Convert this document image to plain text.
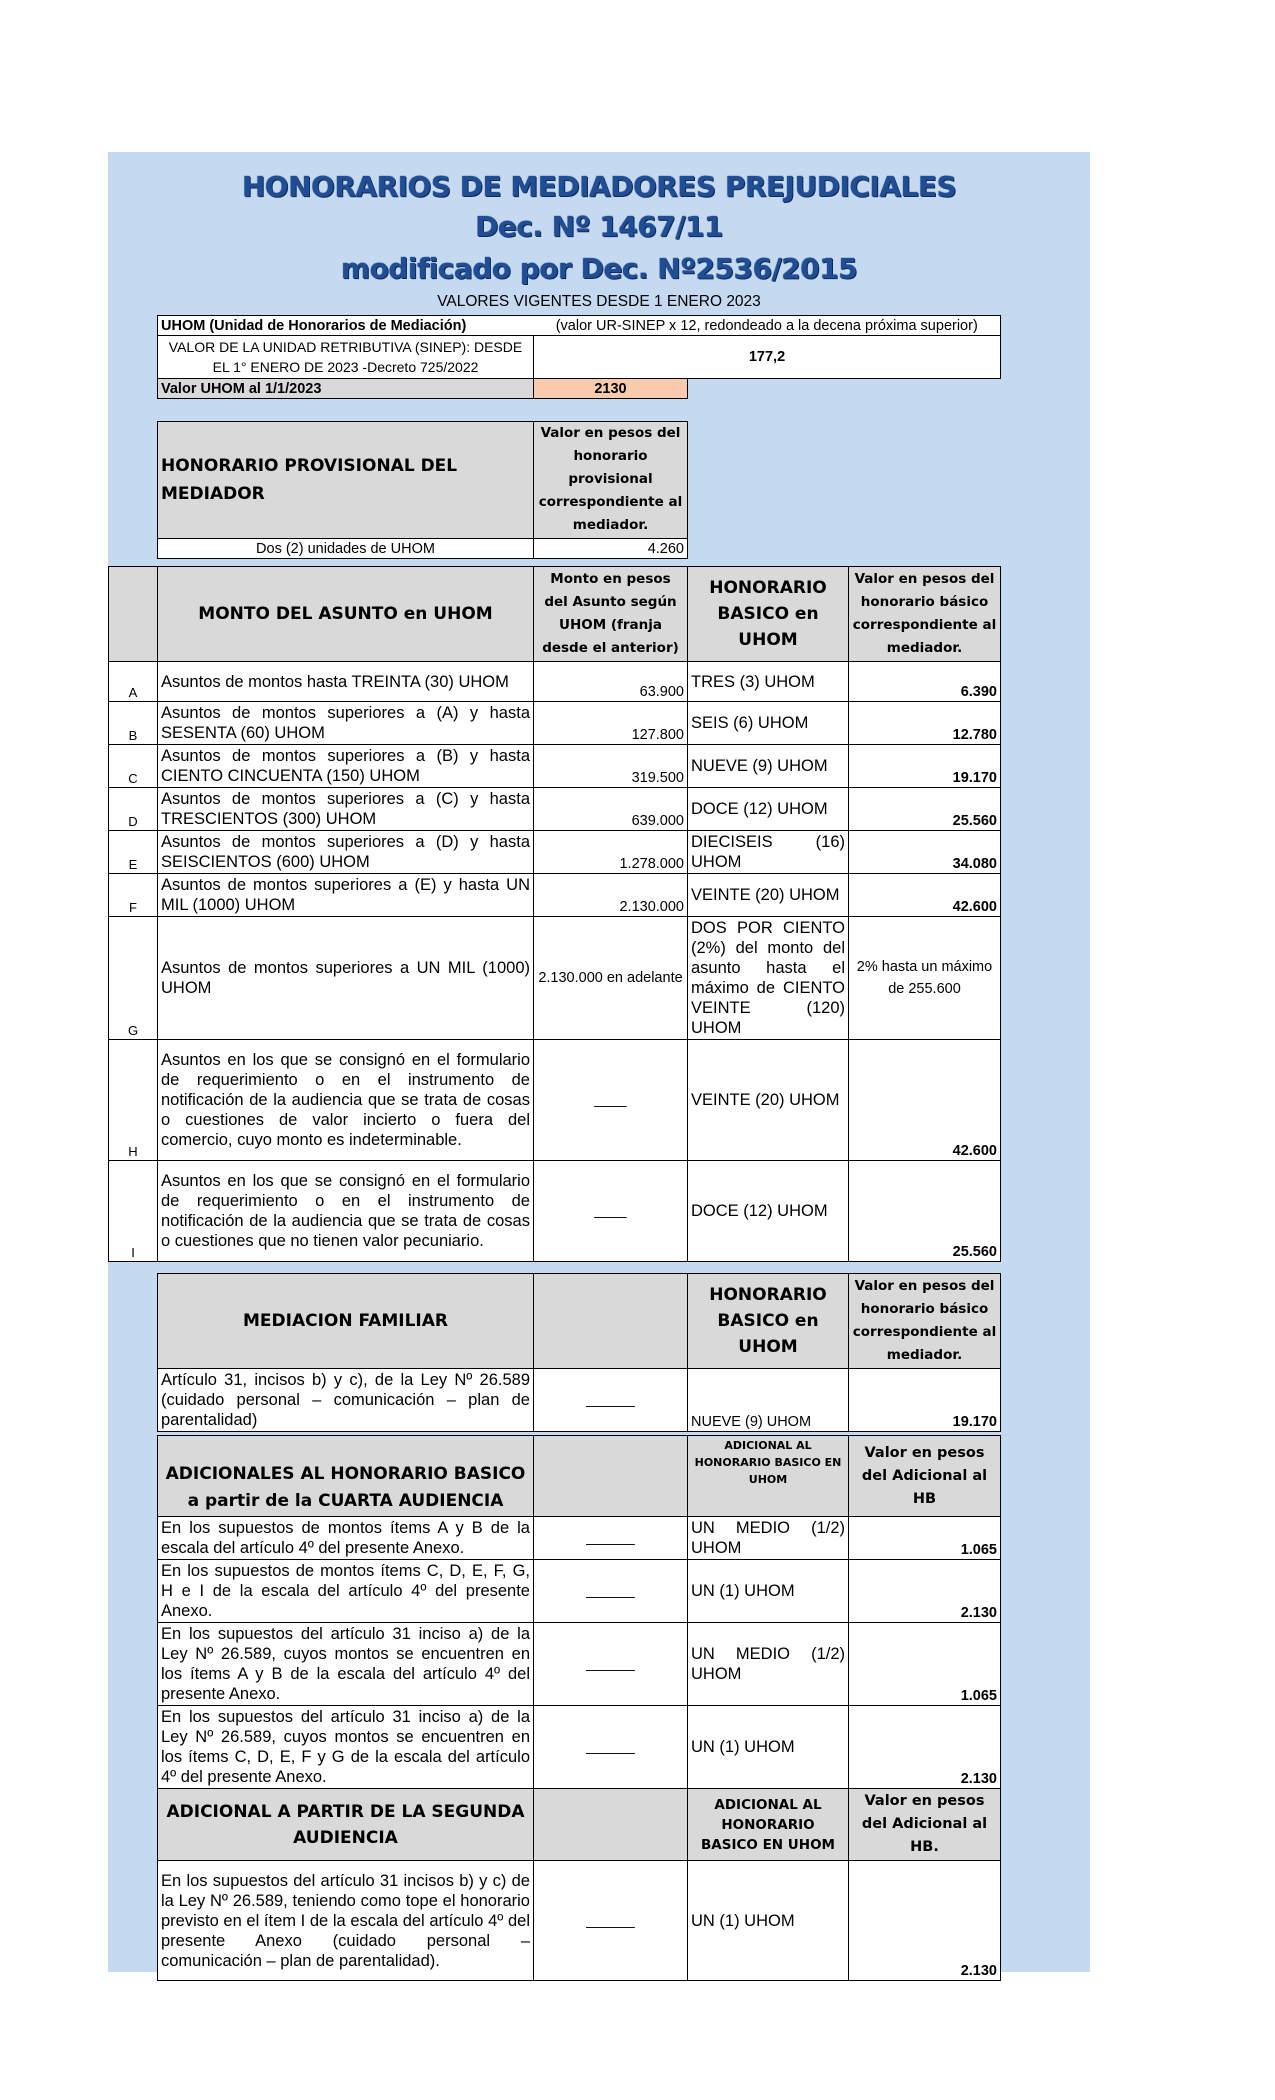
HONORARIOS DE MEDIADORES PREJUDICIALES
Dec. Nº 1467/11
modificado por Dec. Nº2536/2015
VALORES VIGENTES DESDE 1 ENERO 2023
UHOM (Unidad de Honorarios de Mediación)	(valor UR-SINEP x 12, redondeado a la decena próxima superior)	
VALOR DE LA UNIDAD RETRIBUTIVA (SINEP): DESDE EL 1° ENERO DE 2023 -Decreto 725/2022	177,2	
Valor UHOM al 1/1/2023	2130	
HONORARIO PROVISIONAL DEL MEDIADOR	Valor en pesos del honorario provisional correspondiente al mediador.
Dos (2) unidades de UHOM	4.260
	MONTO DEL ASUNTO en UHOM	Monto en pesos del Asunto según UHOM (franja desde el anterior)	HONORARIO BASICO en UHOM	Valor en pesos del honorario básico correspondiente al mediador.
A	Asuntos de montos hasta TREINTA (30) UHOM	63.900	TRES (3) UHOM	6.390
B	Asuntos de montos superiores a (A) y hasta SESENTA (60) UHOM	127.800	SEIS (6) UHOM	12.780
C	Asuntos de montos superiores a (B) y hasta CIENTO CINCUENTA (150) UHOM	319.500	NUEVE (9) UHOM	19.170
D	Asuntos de montos superiores a (C) y hasta TRESCIENTOS (300) UHOM	639.000	DOCE (12) UHOM	25.560
E	Asuntos de montos superiores a (D) y hasta SEISCIENTOS (600) UHOM	1.278.000	DIECISEIS (16) UHOM	34.080
F	Asuntos de montos superiores a (E) y hasta UN MIL (1000) UHOM	2.130.000	VEINTE (20) UHOM	42.600
G	Asuntos de montos superiores a UN MIL (1000) UHOM	2.130.000 en adelante	DOS POR CIENTO (2%) del monto del asunto hasta el máximo de CIENTO VEINTE (120) UHOM	2% hasta un máximo de 255.600
H	Asuntos en los que se consignó en el formulario de requerimiento o en el instrumento de notificación de la audiencia que se trata de cosas o cuestiones de valor incierto o fuera del comercio, cuyo monto es indeterminable.	____	VEINTE (20) UHOM	42.600
I	Asuntos en los que se consignó en el formulario de requerimiento o en el instrumento de notificación de la audiencia que se trata de cosas o cuestiones que no tienen valor pecuniario.	____	DOCE (12) UHOM	25.560
MEDIACION FAMILIAR		HONORARIO BASICO en UHOM	Valor en pesos del honorario básico correspondiente al mediador.
Artículo 31, incisos b) y c), de la Ley Nº 26.589 (cuidado personal – comunicación – plan de parentalidad)	______	NUEVE (9) UHOM	19.170
ADICIONALES AL HONORARIO BASICO a partir de la CUARTA AUDIENCIA		ADICIONAL AL HONORARIO BASICO EN UHOM	Valor en pesos del Adicional al HB
En los supuestos de montos ítems A y B de la escala del artículo 4º del presente Anexo.	______	UN MEDIO (1/2) UHOM	1.065
En los supuestos de montos ítems C, D, E, F, G, H e I de la escala del artículo 4º del presente Anexo.	______	UN (1) UHOM	2.130
En los supuestos del artículo 31 inciso a) de la Ley Nº 26.589, cuyos montos se encuentren en los ítems A y B de la escala del artículo 4º del presente Anexo.	______	UN MEDIO (1/2) UHOM	1.065
En los supuestos del artículo 31 inciso a) de la Ley Nº 26.589, cuyos montos se encuentren en los ítems C, D, E, F y G de la escala del artículo 4º del presente Anexo.	______	UN (1) UHOM	2.130
ADICIONAL A PARTIR DE LA SEGUNDA AUDIENCIA		ADICIONAL AL HONORARIO BASICO EN UHOM	Valor en pesos del Adicional al HB.
En los supuestos del artículo 31 incisos b) y c) de la Ley Nº 26.589, teniendo como tope el honorario previsto en el ítem I de la escala del artículo 4º del presente Anexo (cuidado personal – comunicación – plan de parentalidad).	______	UN (1) UHOM	2.130
